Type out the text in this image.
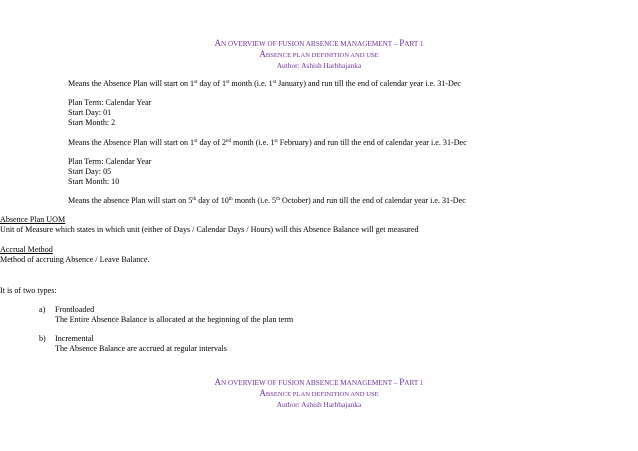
AN OVERVIEW OF FUSION ABSENCE MANAGEMENT – PART 1
ABSENCE PLAN DEFINITION AND USE
Author: Ashish Harbhajanka
Means the Absence Plan will start on 1st day of 1st month (i.e. 1st January) and run till the end of calendar year i.e. 31-Dec
Plan Term: Calendar Year
Start Day: 01
Start Month: 2
Means the Absence Plan will start on 1st day of 2nd month (i.e. 1st February) and run till the end of calendar year i.e. 31-Dec
Plan Term: Calendar Year
Start Day: 05
Start Month: 10
Means the absence Plan will start on 5th day of 10th month (i.e. 5th October) and run till the end of calendar year i.e. 31-Dec
Absence Plan UOM
Unit of Measure which states in which unit (either of Days / Calendar Days / Hours) will this Absence Balance will get measured
Accrual Method
Method of accruing Absence / Leave Balance.
It is of two types:
a) Frontloaded
The Entire Absence Balance is allocated at the beginning of the plan term
b) Incremental
The Absence Balance are accrued at regular intervals
AN OVERVIEW OF FUSION ABSENCE MANAGEMENT – PART 1
ABSENCE PLAN DEFINITION AND USE
Author: Ashish Harbhajanka
